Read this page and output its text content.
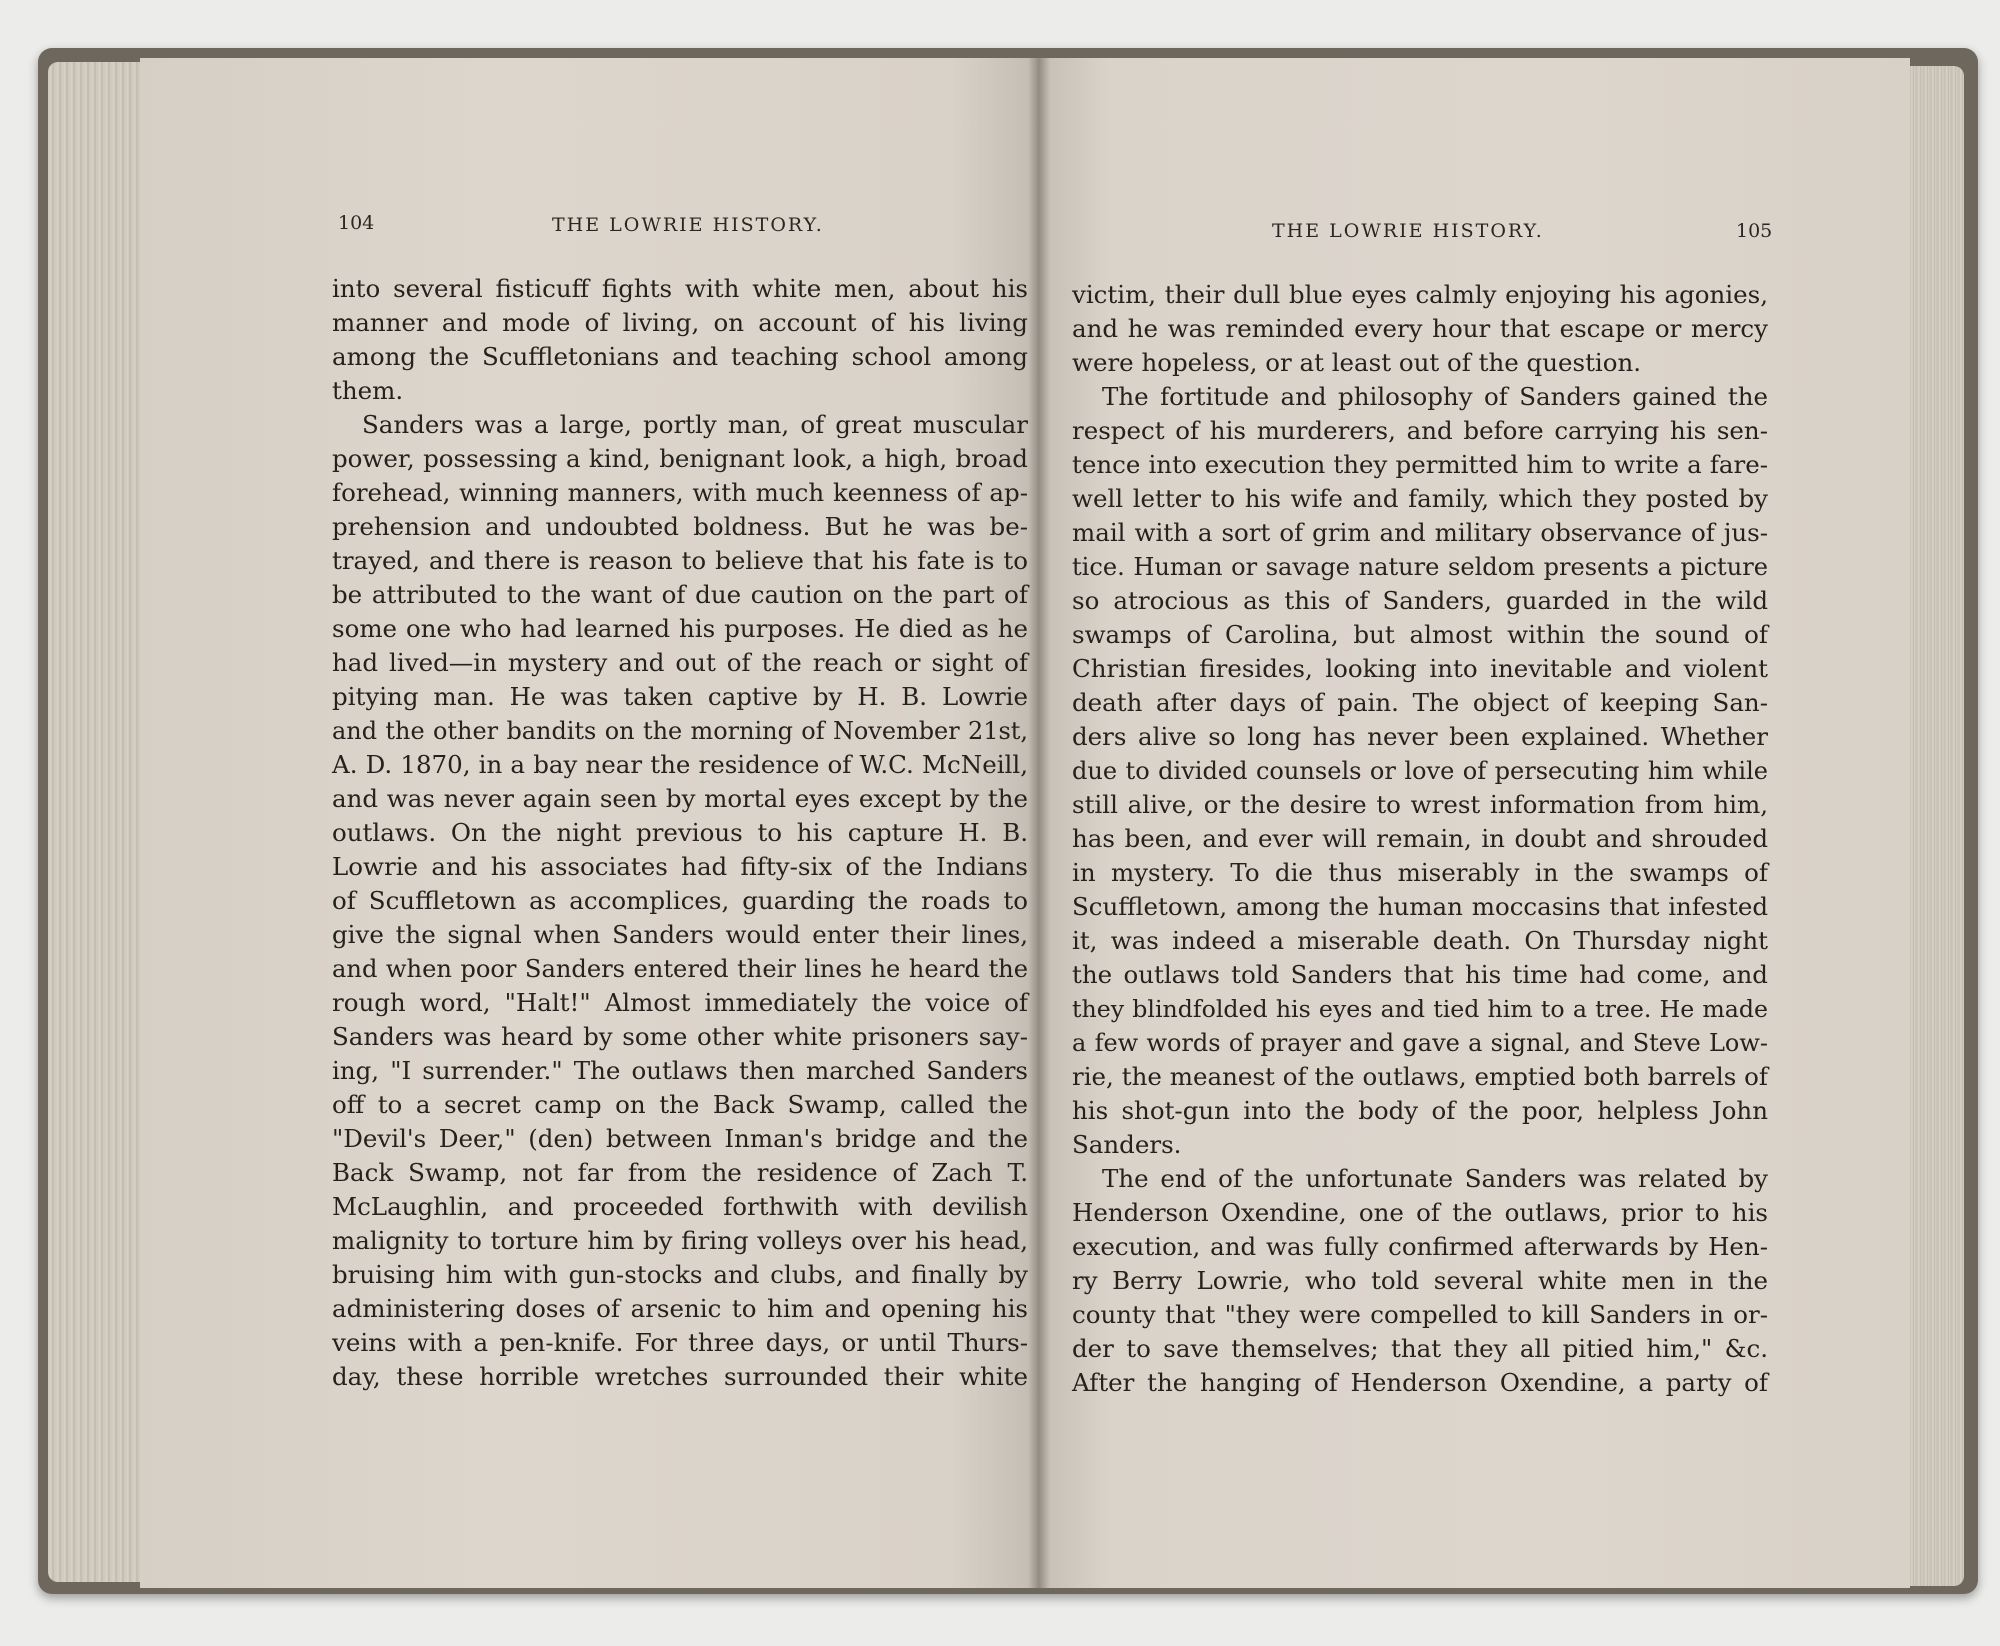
104	THE LOWRIE HISTORY.	THE LOWRIE HISTORY.	105
into several fisticuff fights with white men, about his
manner and mode of living, on account of his living
among the Scuffletonians and teaching school among
them.
Sanders was a large, portly man, of great muscular
power, possessing a kind, benignant look, a high, broad
forehead, winning manners, with much keenness of ap-
prehension and undoubted boldness. But he was be-
trayed, and there is reason to believe that his fate is to
be attributed to the want of due caution on the part of
some one who had learned his purposes. He died as he
had lived—in mystery and out of the reach or sight of
pitying man. He was taken captive by H. B. Lowrie
and the other bandits on the morning of November 21st,
A. D. 1870, in a bay near the residence of W.C. McNeill,
and was never again seen by mortal eyes except by the
outlaws. On the night previous to his capture H. B.
Lowrie and his associates had fifty-six of the Indians
of Scuffletown as accomplices, guarding the roads to
give the signal when Sanders would enter their lines,
and when poor Sanders entered their lines he heard the
rough word, "Halt!" Almost immediately the voice of
Sanders was heard by some other white prisoners say-
ing, "I surrender." The outlaws then marched Sanders
off to a secret camp on the Back Swamp, called the
"Devil's Deer," (den) between Inman's bridge and the
Back Swamp, not far from the residence of Zach T.
McLaughlin, and proceeded forthwith with devilish
malignity to torture him by firing volleys over his head,
bruising him with gun-stocks and clubs, and finally by
administering doses of arsenic to him and opening his
veins with a pen-knife. For three days, or until Thurs-
day, these horrible wretches surrounded their white
victim, their dull blue eyes calmly enjoying his agonies,
and he was reminded every hour that escape or mercy
were hopeless, or at least out of the question.
The fortitude and philosophy of Sanders gained the
respect of his murderers, and before carrying his sen-
tence into execution they permitted him to write a fare-
well letter to his wife and family, which they posted by
mail with a sort of grim and military observance of jus-
tice. Human or savage nature seldom presents a picture
so atrocious as this of Sanders, guarded in the wild
swamps of Carolina, but almost within the sound of
Christian firesides, looking into inevitable and violent
death after days of pain. The object of keeping San-
ders alive so long has never been explained. Whether
due to divided counsels or love of persecuting him while
still alive, or the desire to wrest information from him,
has been, and ever will remain, in doubt and shrouded
in mystery. To die thus miserably in the swamps of
Scuffletown, among the human moccasins that infested
it, was indeed a miserable death. On Thursday night
the outlaws told Sanders that his time had come, and
they blindfolded his eyes and tied him to a tree. He made
a few words of prayer and gave a signal, and Steve Low-
rie, the meanest of the outlaws, emptied both barrels of
his shot-gun into the body of the poor, helpless John
Sanders.
The end of the unfortunate Sanders was related by
Henderson Oxendine, one of the outlaws, prior to his
execution, and was fully confirmed afterwards by Hen-
ry Berry Lowrie, who told several white men in the
county that "they were compelled to kill Sanders in or-
der to save themselves; that they all pitied him," &c.
After the hanging of Henderson Oxendine, a party of
